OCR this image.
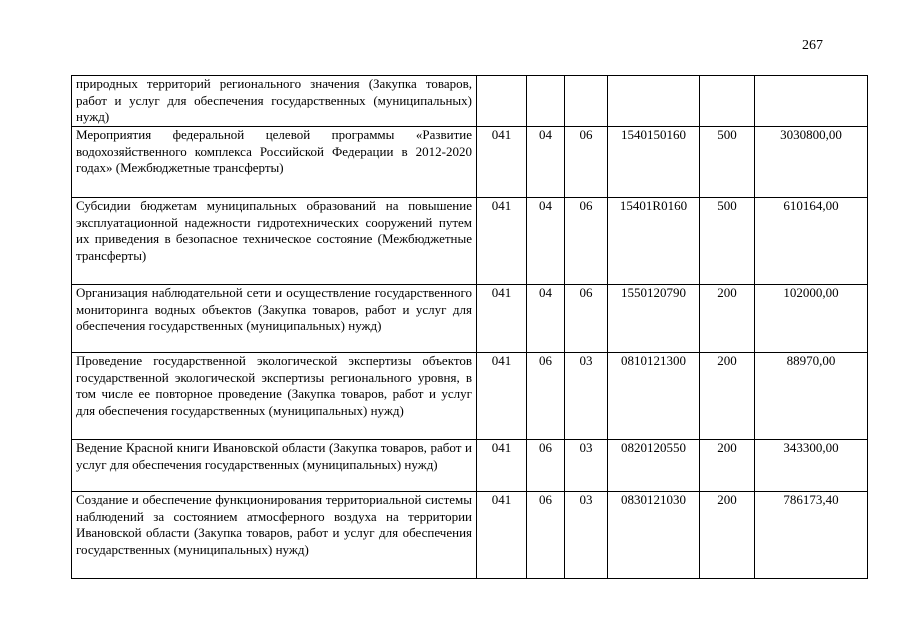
267
природных территорий регионального значения (Закупка товаров, работ и услуг для обеспечения государственных (муниципальных) нужд)						
Мероприятия федеральной целевой программы «Развитие водохозяйственного комплекса Российской Федерации в 2012-2020 годах» (Межбюджетные трансферты)	041	04	06	1540150160	500	3030800,00
Субсидии бюджетам муниципальных образований на повышение эксплуатационной надежности гидротехнических сооружений путем их приведения в безопасное техническое состояние (Межбюджетные трансферты)	041	04	06	15401R0160	500	610164,00
Организация наблюдательной сети и осуществление государственного мониторинга водных объектов (Закупка товаров, работ и услуг для обеспечения государственных (муниципальных) нужд)	041	04	06	1550120790	200	102000,00
Проведение государственной экологической экспертизы объектов государственной экологической экспертизы регионального уровня, в том числе ее повторное проведение (Закупка товаров, работ и услуг для обеспечения государственных (муниципальных) нужд)	041	06	03	0810121300	200	88970,00
Ведение Красной книги Ивановской области (Закупка товаров, работ и услуг для обеспечения государственных (муниципальных) нужд)	041	06	03	0820120550	200	343300,00
Создание и обеспечение функционирования территориальной системы наблюдений за состоянием атмосферного воздуха на территории Ивановской области (Закупка товаров, работ и услуг для обеспечения государственных (муниципальных) нужд)	041	06	03	0830121030	200	786173,40
